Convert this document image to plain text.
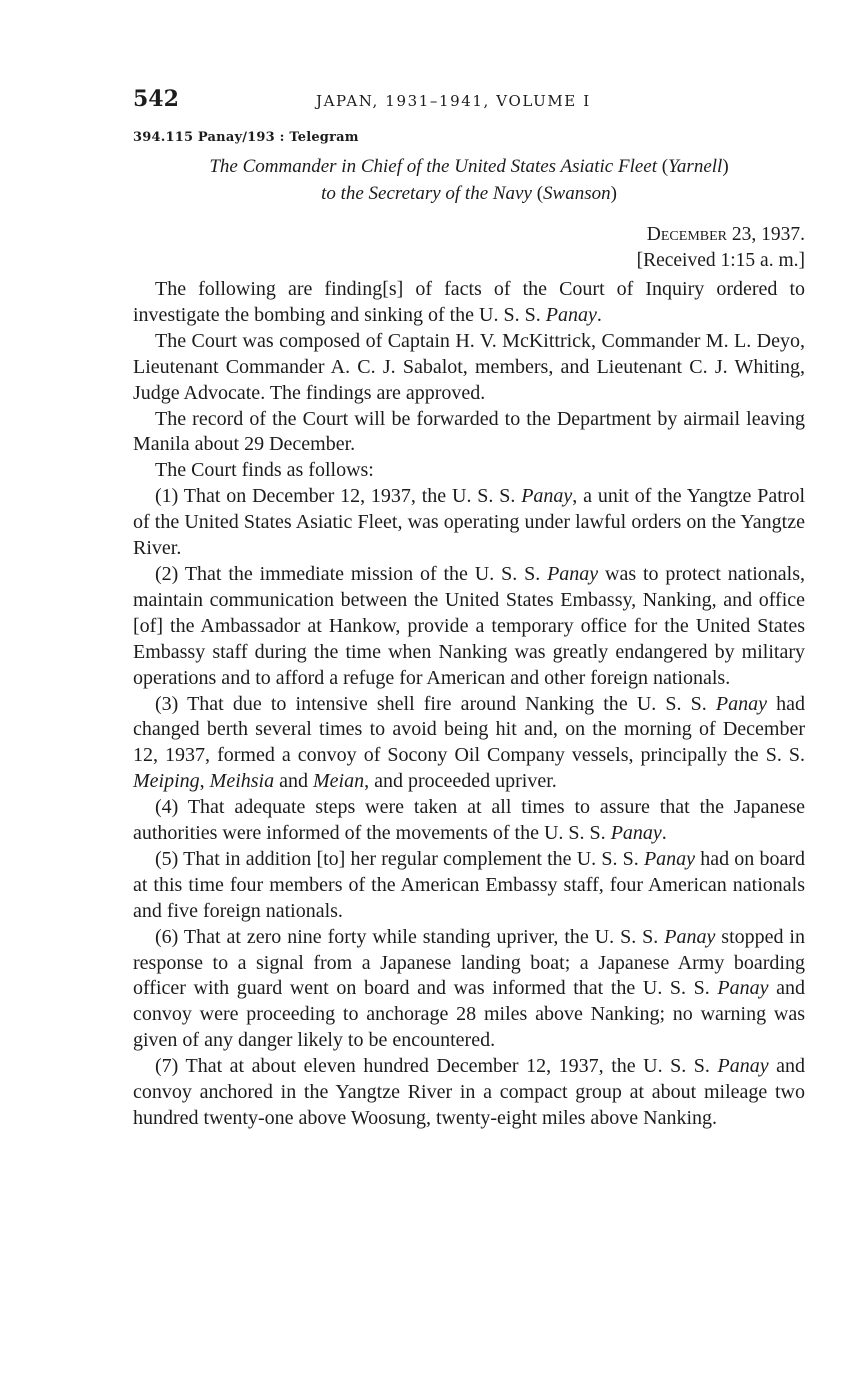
542	JAPAN, 1931–1941, VOLUME I
394.115 Panay/193 : Telegram
The Commander in Chief of the United States Asiatic Fleet (Yarnell)
to the Secretary of the Navy (Swanson)
December 23, 1937.
[Received 1:15 a. m.]

The following are finding[s] of facts of the Court of Inquiry ordered to investigate the bombing and sinking of the U. S. S. Panay.

The Court was composed of Captain H. V. McKittrick, Commander M. L. Deyo, Lieutenant Commander A. C. J. Sabalot, members, and Lieutenant C. J. Whiting, Judge Advocate. The findings are approved.

The record of the Court will be forwarded to the Department by airmail leaving Manila about 29 December.

The Court finds as follows:

(1) That on December 12, 1937, the U. S. S. Panay, a unit of the Yangtze Patrol of the United States Asiatic Fleet, was operating under lawful orders on the Yangtze River.

(2) That the immediate mission of the U. S. S. Panay was to protect nationals, maintain communication between the United States Embassy, Nanking, and office [of] the Ambassador at Hankow, provide a temporary office for the United States Embassy staff during the time when Nanking was greatly endangered by military operations and to afford a refuge for American and other foreign nationals.

(3) That due to intensive shell fire around Nanking the U. S. S. Panay had changed berth several times to avoid being hit and, on the morning of December 12, 1937, formed a convoy of Socony Oil Company vessels, principally the S. S. Meiping, Meihsia and Meian, and proceeded upriver.

(4) That adequate steps were taken at all times to assure that the Japanese authorities were informed of the movements of the U. S. S. Panay.

(5) That in addition [to] her regular complement the U. S. S. Panay had on board at this time four members of the American Embassy staff, four American nationals and five foreign nationals.

(6) That at zero nine forty while standing upriver, the U. S. S. Panay stopped in response to a signal from a Japanese landing boat; a Japanese Army boarding officer with guard went on board and was informed that the U. S. S. Panay and convoy were proceeding to anchorage 28 miles above Nanking; no warning was given of any danger likely to be encountered.

(7) That at about eleven hundred December 12, 1937, the U. S. S. Panay and convoy anchored in the Yangtze River in a compact group at about mileage two hundred twenty-one above Woosung, twenty-eight miles above Nanking.
